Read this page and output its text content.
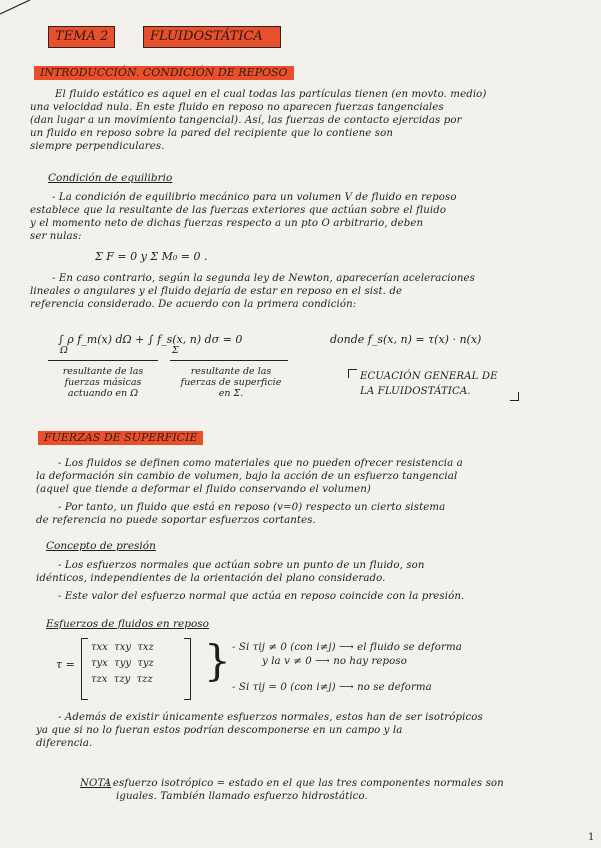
TEMA 2	FLUIDOSTÁTICA
INTRODUCCIÓN. CONDICIÓN DE REPOSO
El fluido estático es aquel en el cual todas las partículas tienen (en movto. medio)
una velocidad nula. En este fluido en reposo no aparecen fuerzas tangenciales
(dan lugar a un movimiento tangencial). Así, las fuerzas de contacto ejercidas por
un fluido en reposo sobre la pared del recipiente que lo contiene son
siempre perpendiculares.
Condición de equilibrio
- La condición de equilibrio mecánico para un volumen V de fluido en reposo
establece que la resultante de las fuerzas exteriores que actúan sobre el fluido
y el momento neto de dichas fuerzas respecto a un pto O arbitrario, deben
ser nulas:
Σ F = 0 y Σ M₀ = 0 .
- En caso contrario, según la segunda ley de Newton, aparecerían aceleraciones
lineales o angulares y el fluido dejaría de estar en reposo en el sist. de
referencia considerado. De acuerdo con la primera condición:
∫ ρ f_m(x) dΩ + ∫ f_s(x, n) dσ = 0
Ω	Σ
donde f_s(x, n) = τ(x) · n(x)
resultante de las
fuerzas másicas
actuando en Ω
resultante de las
fuerzas de superficie
en Σ.
ECUACIÓN GENERAL DE
LA FLUIDOSTÁTICA.
FUERZAS DE SUPERFICIE
- Los fluidos se definen como materiales que no pueden ofrecer resistencia a
la deformación sin cambio de volumen, bajo la acción de un esfuerzo tangencial
(aquel que tiende a deformar el fluido conservando el volumen)
- Por tanto, un fluido que está en reposo (v=0) respecto un cierto sistema
de referencia no puede soportar esfuerzos cortantes.
Concepto de presión
- Los esfuerzos normales que actúan sobre un punto de un fluido, son
idénticos, independientes de la orientación del plano considerado.
- Este valor del esfuerzo normal que actúa en reposo coincide con la presión.
Esfuerzos de fluidos en reposo
τ =
τxx  τxy  τxz
τyx  τyy  τyz
τzx  τzy  τzz } - Si τij ≠ 0 (con i≠j) ⟶ el fluido se deforma
y la v ≠ 0 ⟶ no hay reposo
- Si τij = 0 (con i≠j) ⟶ no se deforma
- Además de existir únicamente esfuerzos normales, estos han de ser isotrópicos
ya que si no lo fueran estos podrían descomponerse en un campo y la
diferencia.
NOTA
: esfuerzo isotrópico = estado en el que las tres componentes normales son
iguales. También llamado esfuerzo hidrostático.
1
